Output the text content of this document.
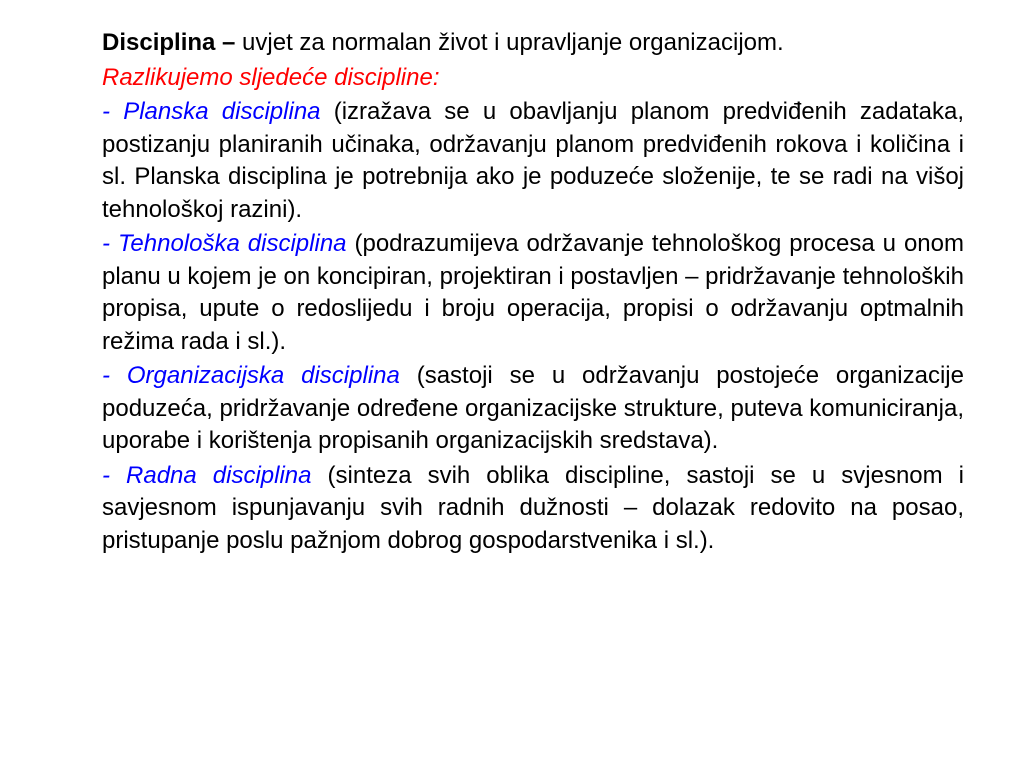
Disciplina – uvjet za normalan život i upravljanje organizacijom.

Razlikujemo sljedeće discipline:

- Planska disciplina (izražava se u obavljanju planom predviđenih zadataka, postizanju planiranih učinaka, održavanju planom predviđenih rokova i količina i sl. Planska disciplina je potrebnija ako je poduzeće složenije, te se radi na višoj tehnološkoj razini).

- Tehnološka disciplina (podrazumijeva održavanje tehnološkog procesa u onom planu u kojem je on koncipiran, projektiran i postavljen – pridržavanje tehnoloških propisa, upute o redoslijedu i broju operacija, propisi o održavanju optmalnih režima rada i sl.).

- Organizacijska disciplina (sastoji se u održavanju postojeće organizacije poduzeća, pridržavanje određene organizacijske strukture, puteva komuniciranja, uporabe i korištenja propisanih organizacijskih sredstava).

- Radna disciplina (sinteza svih oblika discipline, sastoji se u svjesnom i savjesnom ispunjavanju svih radnih dužnosti – dolazak redovito na posao, pristupanje poslu pažnjom dobrog gospodarstvenika i sl.).
